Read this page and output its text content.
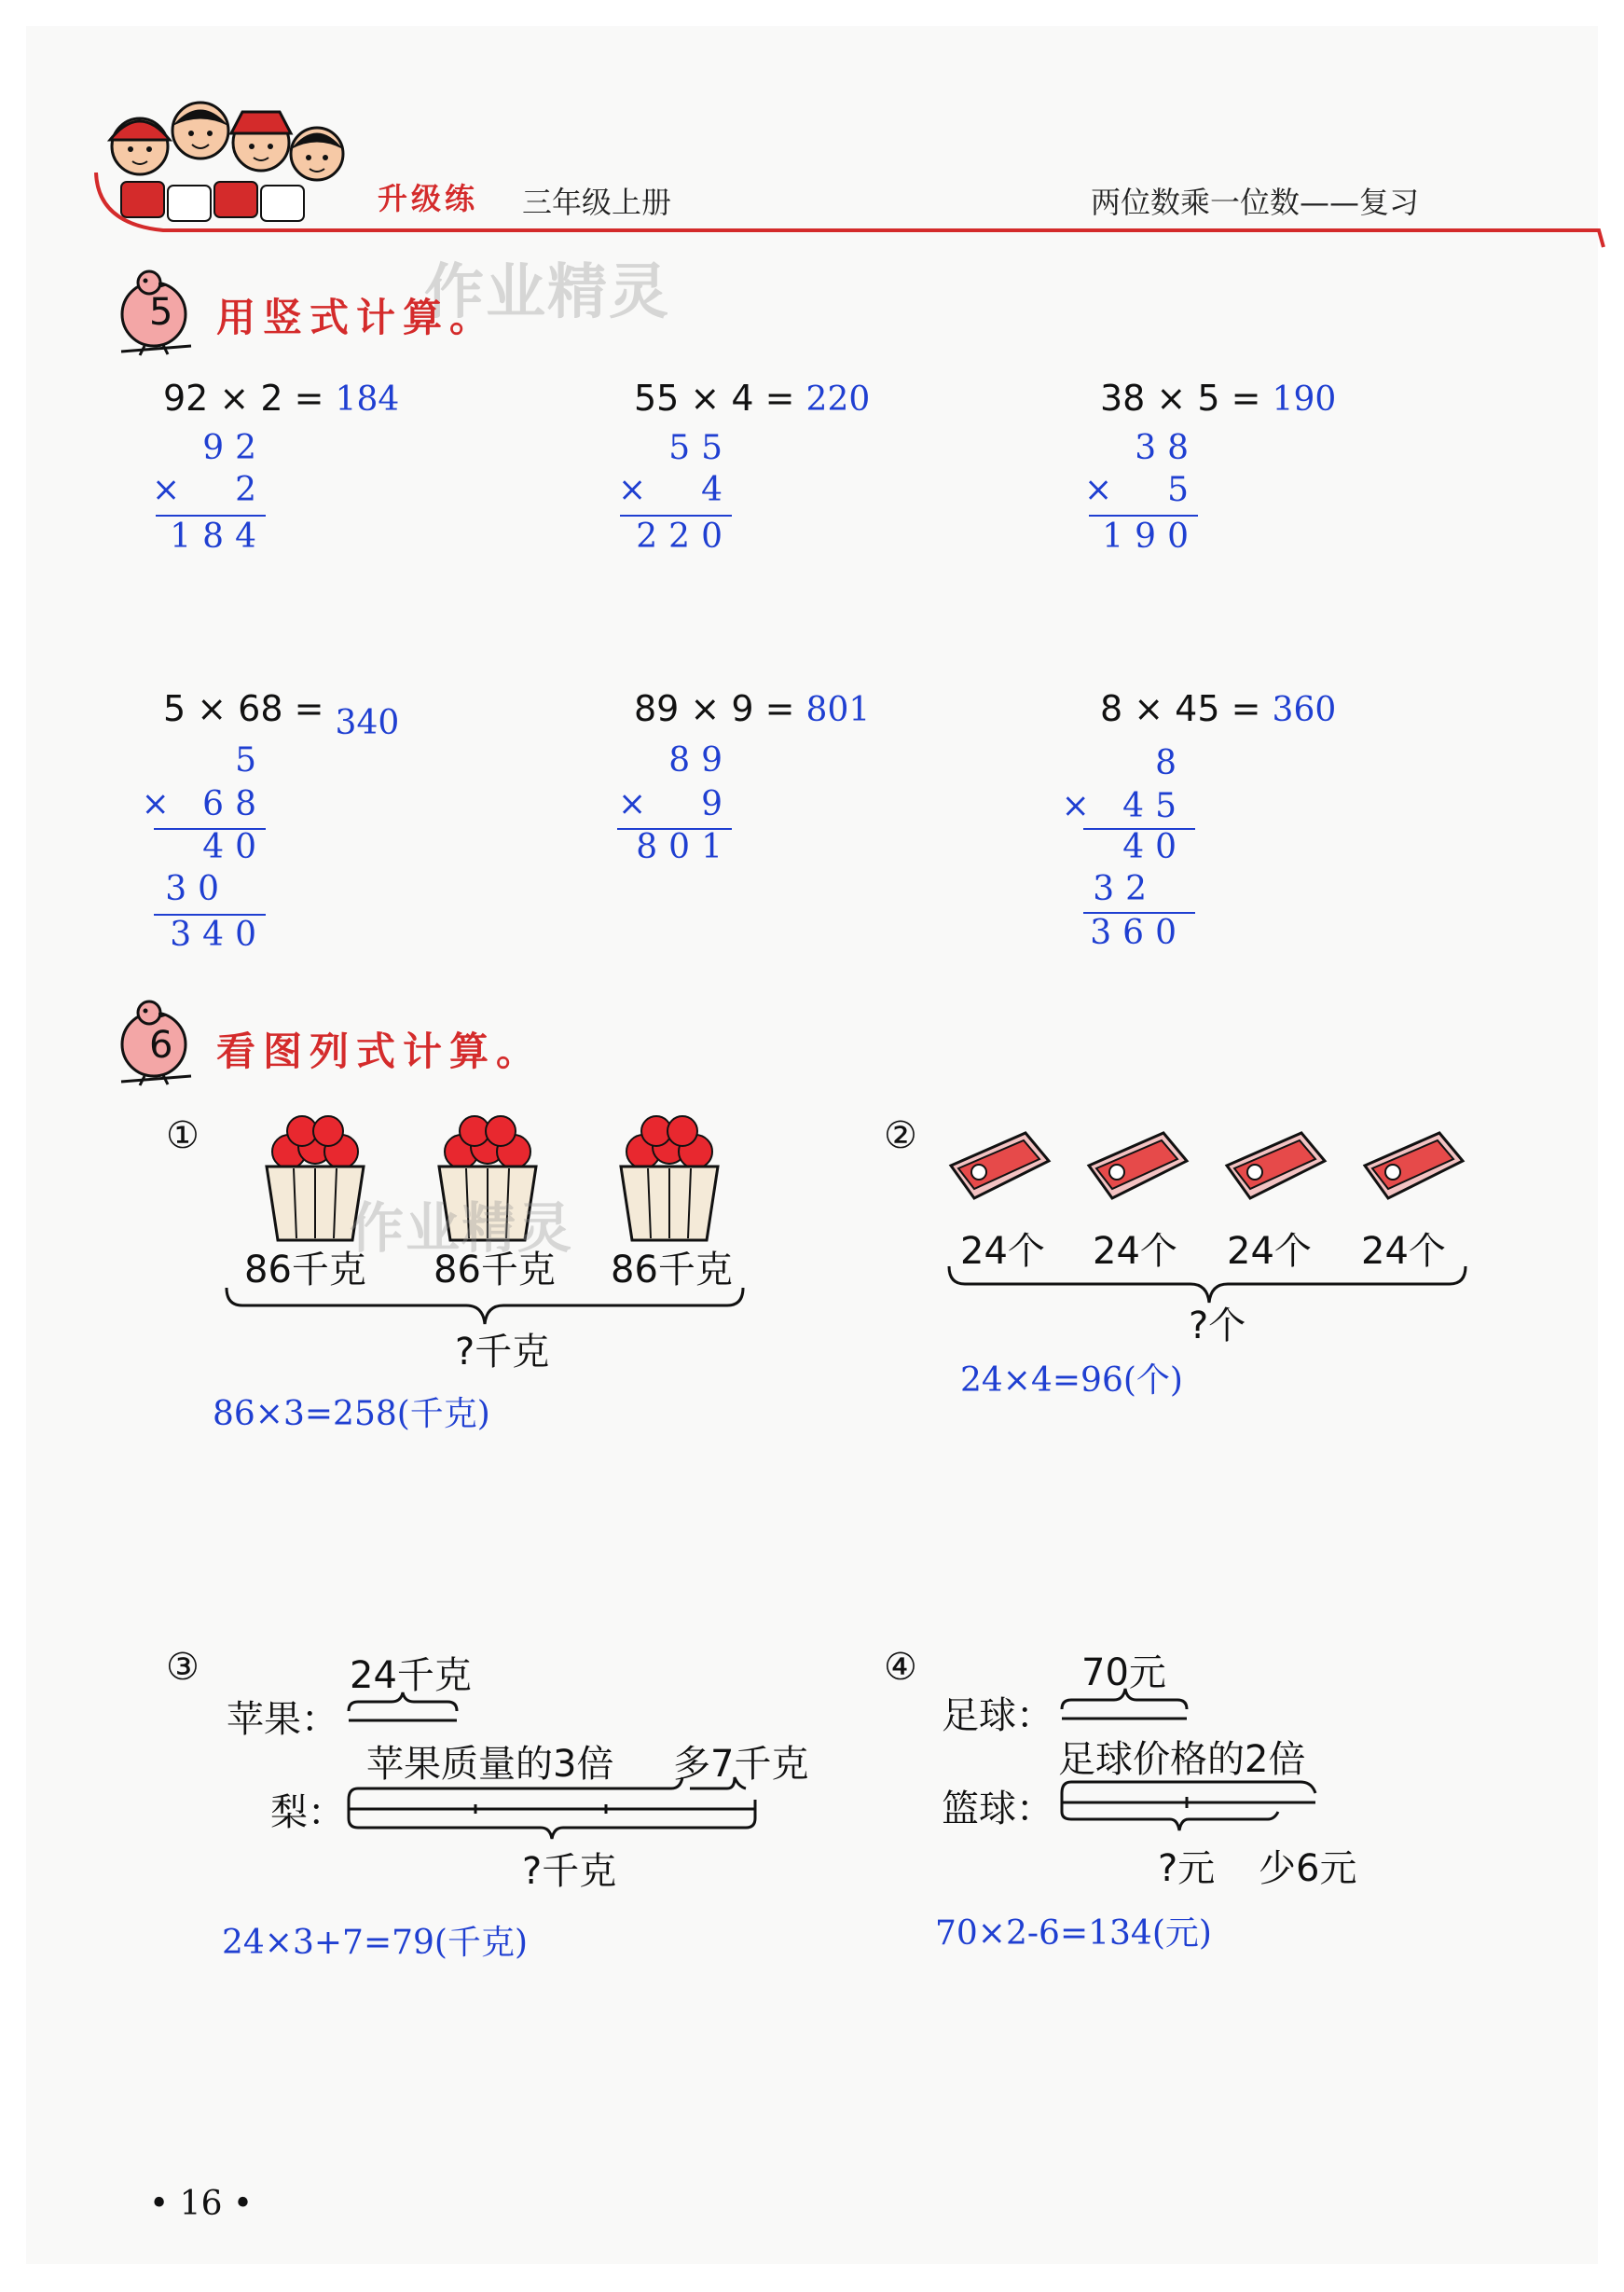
升级练 三年级上册	两位数乘一位数——复习
作业精灵
5 用竖式计算。
92 × 2 = 184
92
×  2
184
55 × 4 = 220
55
×  4
220
38 × 5 = 190
38
×  5
190
5 × 68 = 340
5
× 68
40
30
340
89 × 9 = 801
89
×  9
801
8 × 45 = 360
8
× 45
40
32
360
6 看图列式计算。
①
作业精灵
86千克 86千克 86千克
?千克
86×3=258(千克)
②
24个 24个 24个 24个
?个
24×4=96(个)
③	24千克
苹果：
苹果质量的3倍 多7千克
梨：
?千克
24×3+7=79(千克)
④	70元
足球：
足球价格的2倍
篮球：
?元 少6元
70×2-6=134(元)
• 16 •
